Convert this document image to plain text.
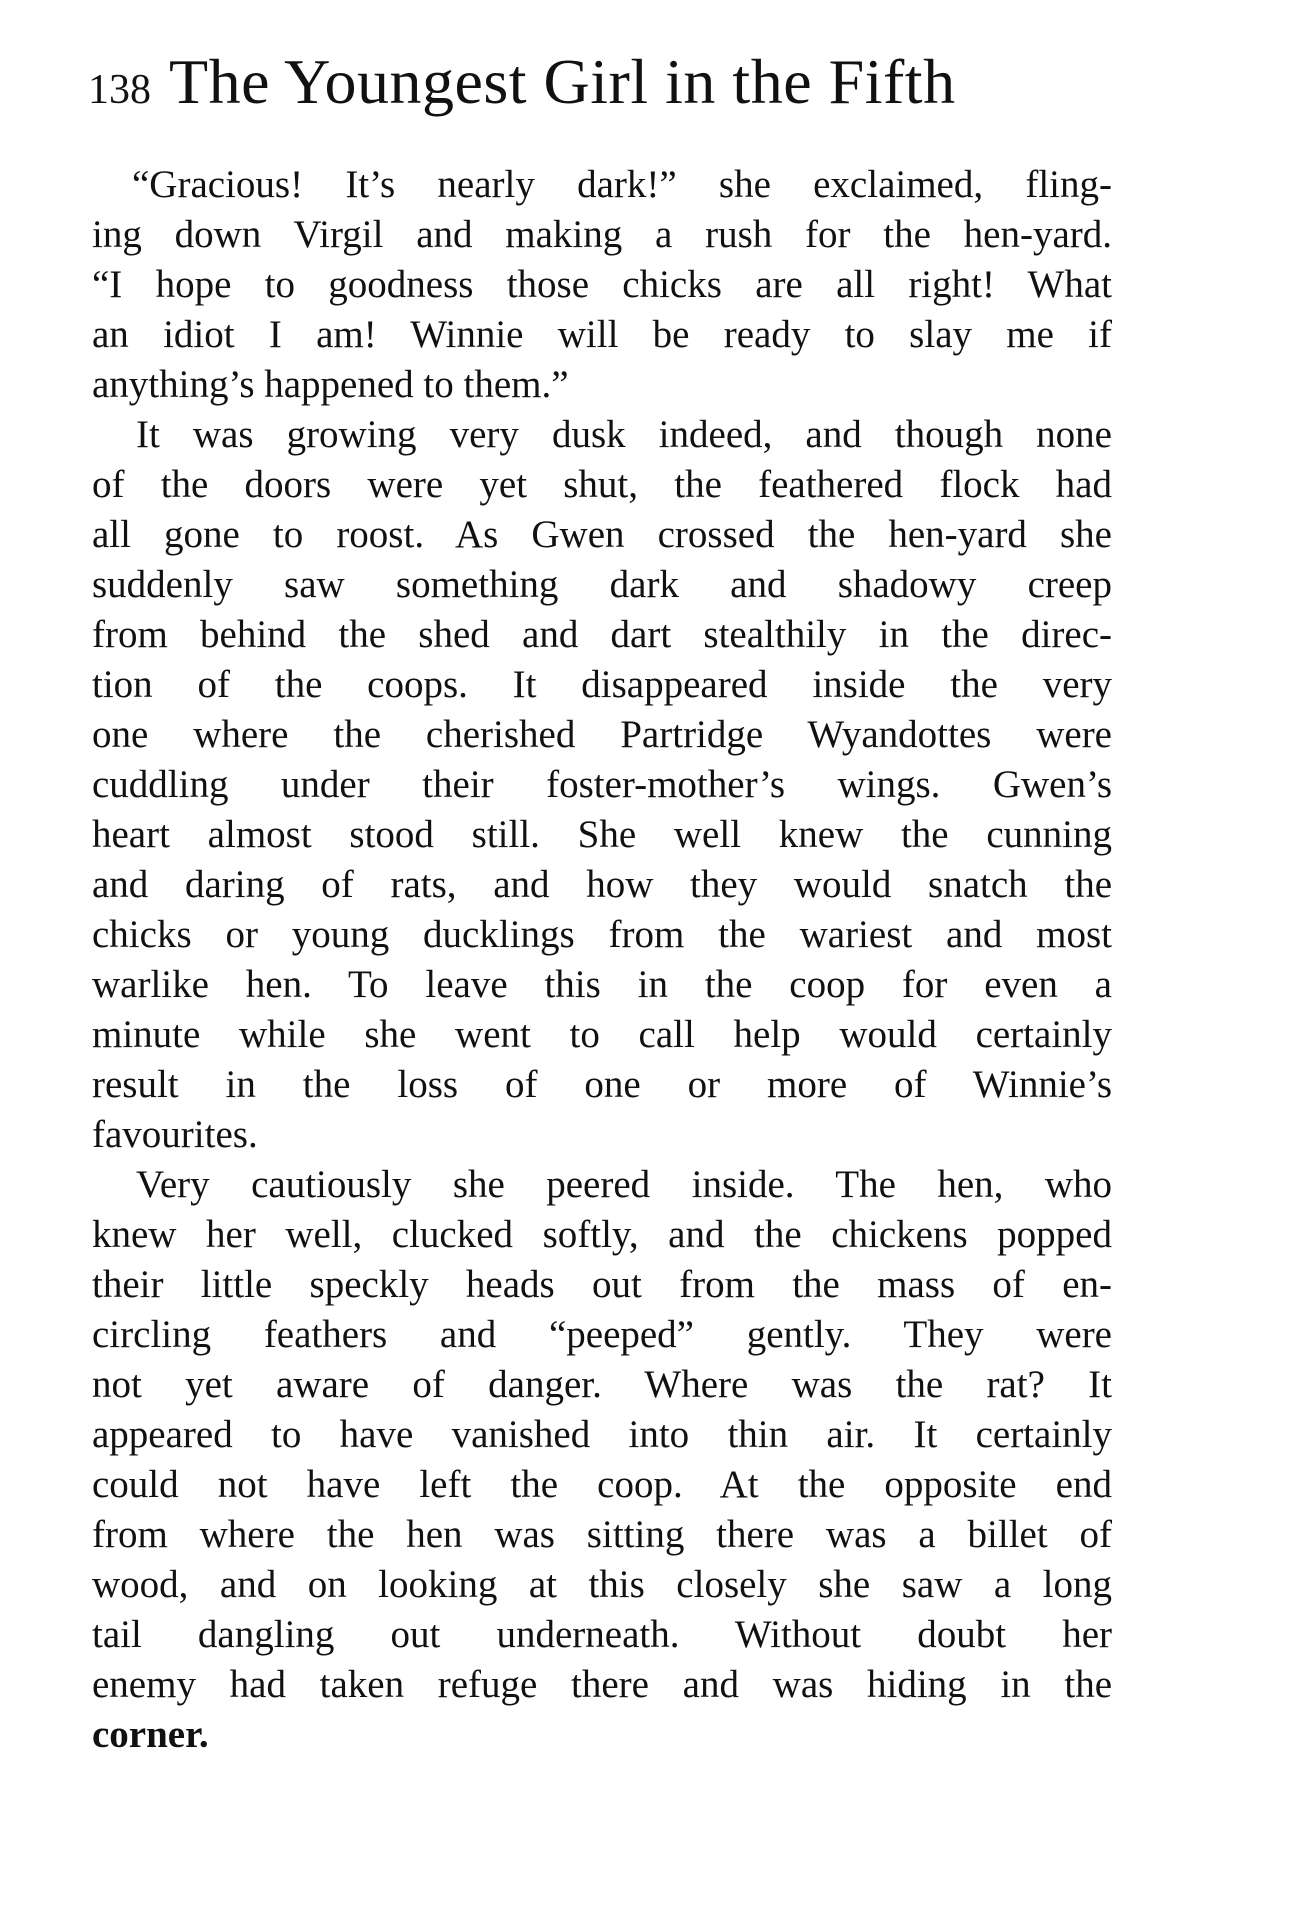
138 The Youngest Girl in the Fifth
“Gracious! It’s nearly dark!” she exclaimed, fling-
ing down Virgil and making a rush for the hen-yard.
“I hope to goodness those chicks are all right! What
an idiot I am! Winnie will be ready to slay me if
anything’s happened to them.”
It was growing very dusk indeed, and though none
of the doors were yet shut, the feathered flock had
all gone to roost. As Gwen crossed the hen-yard she
suddenly saw something dark and shadowy creep
from behind the shed and dart stealthily in the direc-
tion of the coops. It disappeared inside the very
one where the cherished Partridge Wyandottes were
cuddling under their foster-mother’s wings. Gwen’s
heart almost stood still. She well knew the cunning
and daring of rats, and how they would snatch the
chicks or young ducklings from the wariest and most
warlike hen. To leave this in the coop for even a
minute while she went to call help would certainly
result in the loss of one or more of Winnie’s
favourites.
Very cautiously she peered inside. The hen, who
knew her well, clucked softly, and the chickens popped
their little speckly heads out from the mass of en-
circling feathers and “peeped” gently. They were
not yet aware of danger. Where was the rat? It
appeared to have vanished into thin air. It certainly
could not have left the coop. At the opposite end
from where the hen was sitting there was a billet of
wood, and on looking at this closely she saw a long
tail dangling out underneath. Without doubt her
enemy had taken refuge there and was hiding in the
corner.
